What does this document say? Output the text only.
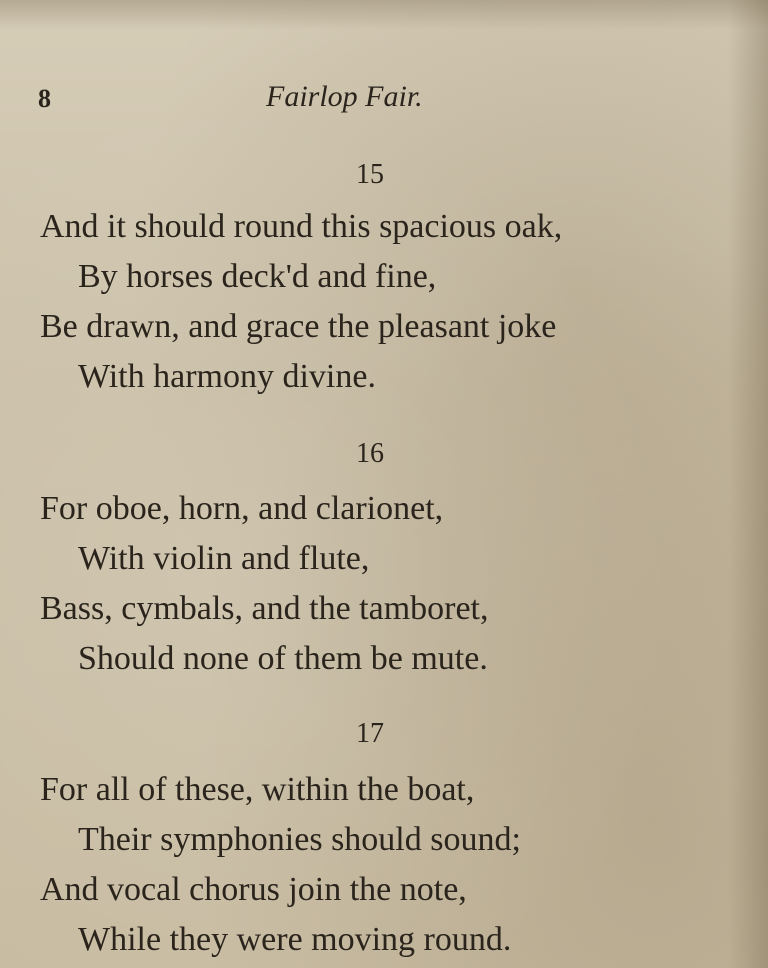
8	Fairlop Fair.
15
And it should round this spacious oak,
By horses deck'd and fine,
Be drawn, and grace the pleasant joke
With harmony divine.
16
For oboe, horn, and clarionet,
With violin and flute,
Bass, cymbals, and the tamboret,
Should none of them be mute.
17
For all of these, within the boat,
Their symphonies should sound;
And vocal chorus join the note,
While they were moving round.
